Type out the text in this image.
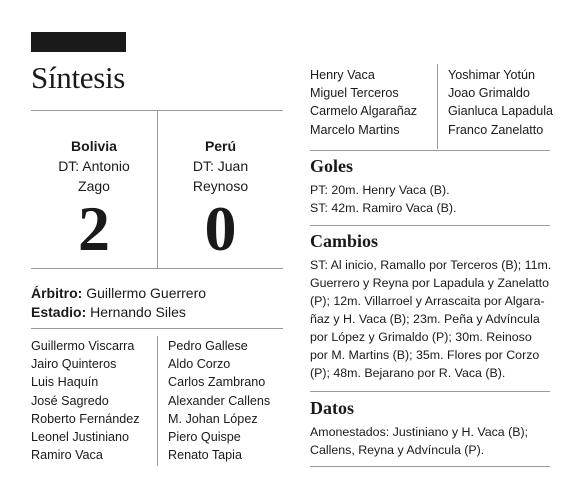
Síntesis
Bolivia
DT: Antonio
Zago
Perú
DT: Juan
Reynoso
2	0
Árbitro: Guillermo Guerrero
Estadio: Hernando Siles
Guillermo Viscarra
Jairo Quinteros
Luis Haquín
José Sagredo
Roberto Fernández
Leonel Justiniano
Ramiro Vaca
Pedro Gallese
Aldo Corzo
Carlos Zambrano
Alexander Callens
M. Johan López
Piero Quispe
Renato Tapia
Henry Vaca
Miguel Terceros
Carmelo Algarañaz
Marcelo Martins
Yoshimar Yotún
Joao Grimaldo
Gianluca Lapadula
Franco Zanelatto
Goles
PT: 20m. Henry Vaca (B).
ST: 42m. Ramiro Vaca (B).
Cambios
ST: Al inicio, Ramallo por Terceros (B); 11m.
Guerrero y Reyna por Lapadula y Zanelatto
(P); 12m. Villarroel y Arrascaita por Algara-
ñaz y H. Vaca (B); 23m. Peña y Advíncula
por López y Grimaldo (P); 30m. Reinoso
por M. Martins (B); 35m. Flores por Corzo
(P); 48m. Bejarano por R. Vaca (B).
Datos
Amonestados: Justiniano y H. Vaca (B);
Callens, Reyna y Advíncula (P).
